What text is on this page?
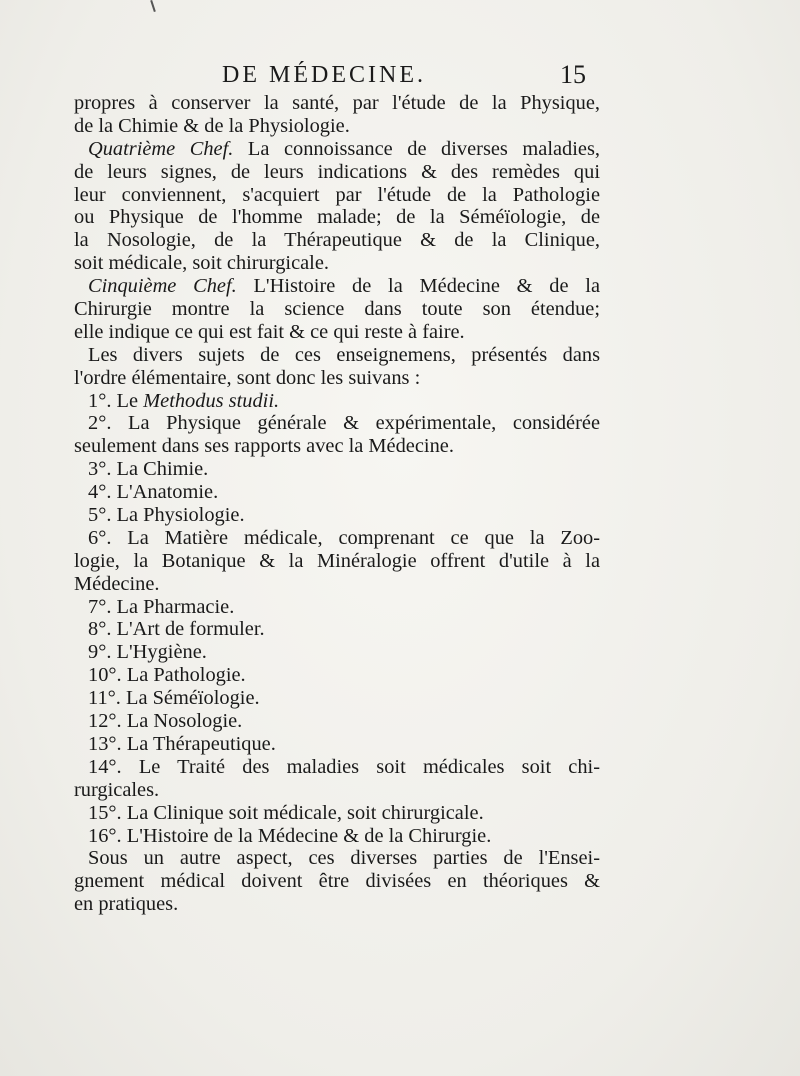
DE MÉDECINE.	15
propres à conserver la santé, par l'étude de la Physique,
de la Chimie & de la Physiologie.
Quatrième Chef. La connoissance de diverses maladies,
de leurs signes, de leurs indications & des remèdes qui
leur conviennent, s'acquiert par l'étude de la Pathologie
ou Physique de l'homme malade; de la Séméïologie, de
la Nosologie, de la Thérapeutique & de la Clinique,
soit médicale, soit chirurgicale.
Cinquième Chef. L'Histoire de la Médecine & de la
Chirurgie montre la science dans toute son étendue;
elle indique ce qui est fait & ce qui reste à faire.
Les divers sujets de ces enseignemens, présentés dans
l'ordre élémentaire, sont donc les suivans :
1°. Le Methodus studii.
2°. La Physique générale & expérimentale, considérée
seulement dans ses rapports avec la Médecine.
3°. La Chimie.
4°. L'Anatomie.
5°. La Physiologie.
6°. La Matière médicale, comprenant ce que la Zoo-
logie, la Botanique & la Minéralogie offrent d'utile à la
Médecine.
7°. La Pharmacie.
8°. L'Art de formuler.
9°. L'Hygiène.
10°. La Pathologie.
11°. La Séméïologie.
12°. La Nosologie.
13°. La Thérapeutique.
14°. Le Traité des maladies soit médicales soit chi-
rurgicales.
15°. La Clinique soit médicale, soit chirurgicale.
16°. L'Histoire de la Médecine & de la Chirurgie.
Sous un autre aspect, ces diverses parties de l'Ensei-
gnement médical doivent être divisées en théoriques &
en pratiques.
